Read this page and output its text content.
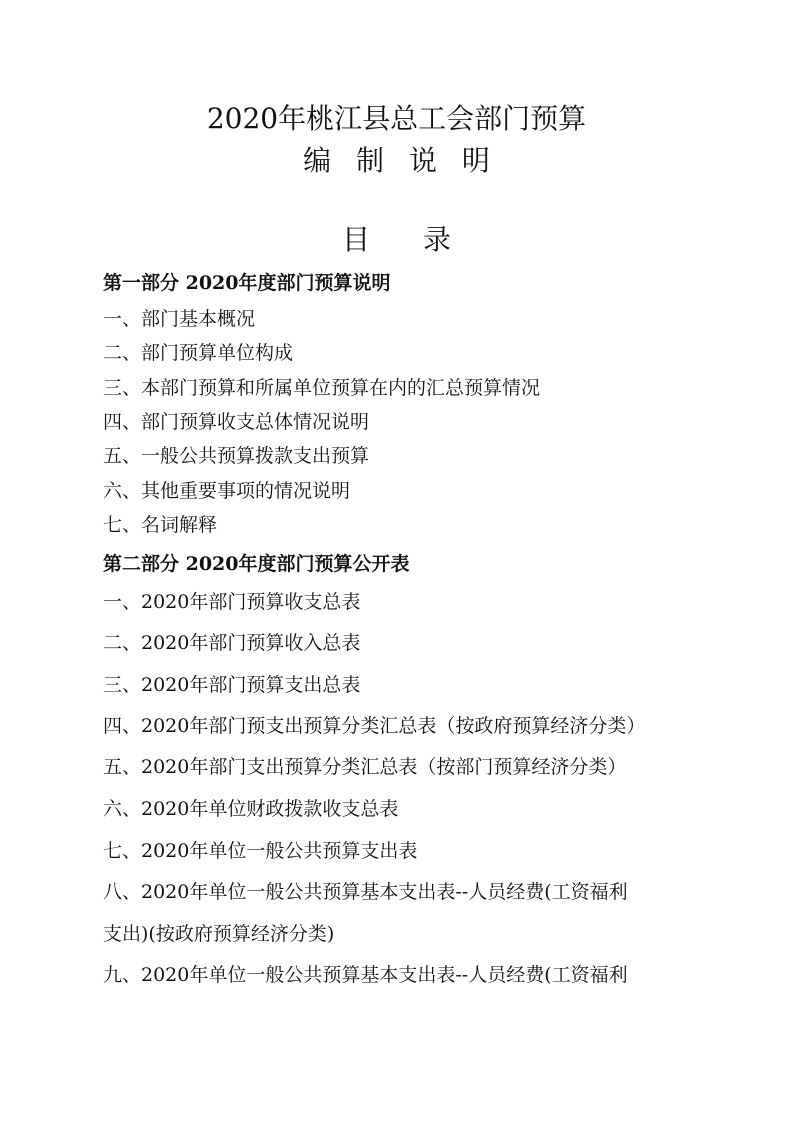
2020年桃江县总工会部门预算
编 制 说 明
目 录
第一部分 2020年度部门预算说明
一、部门基本概况
二、部门预算单位构成
三、本部门预算和所属单位预算在内的汇总预算情况
四、部门预算收支总体情况说明
五、一般公共预算拨款支出预算
六、其他重要事项的情况说明
七、名词解释
第二部分 2020年度部门预算公开表
一、2020年部门预算收支总表
二、2020年部门预算收入总表
三、2020年部门预算支出总表
四、2020年部门预支出预算分类汇总表（按政府预算经济分类）
五、2020年部门支出预算分类汇总表（按部门预算经济分类）
六、2020年单位财政拨款收支总表
七、2020年单位一般公共预算支出表
八、2020年单位一般公共预算基本支出表--人员经费(工资福利
支出)(按政府预算经济分类)
九、2020年单位一般公共预算基本支出表--人员经费(工资福利
